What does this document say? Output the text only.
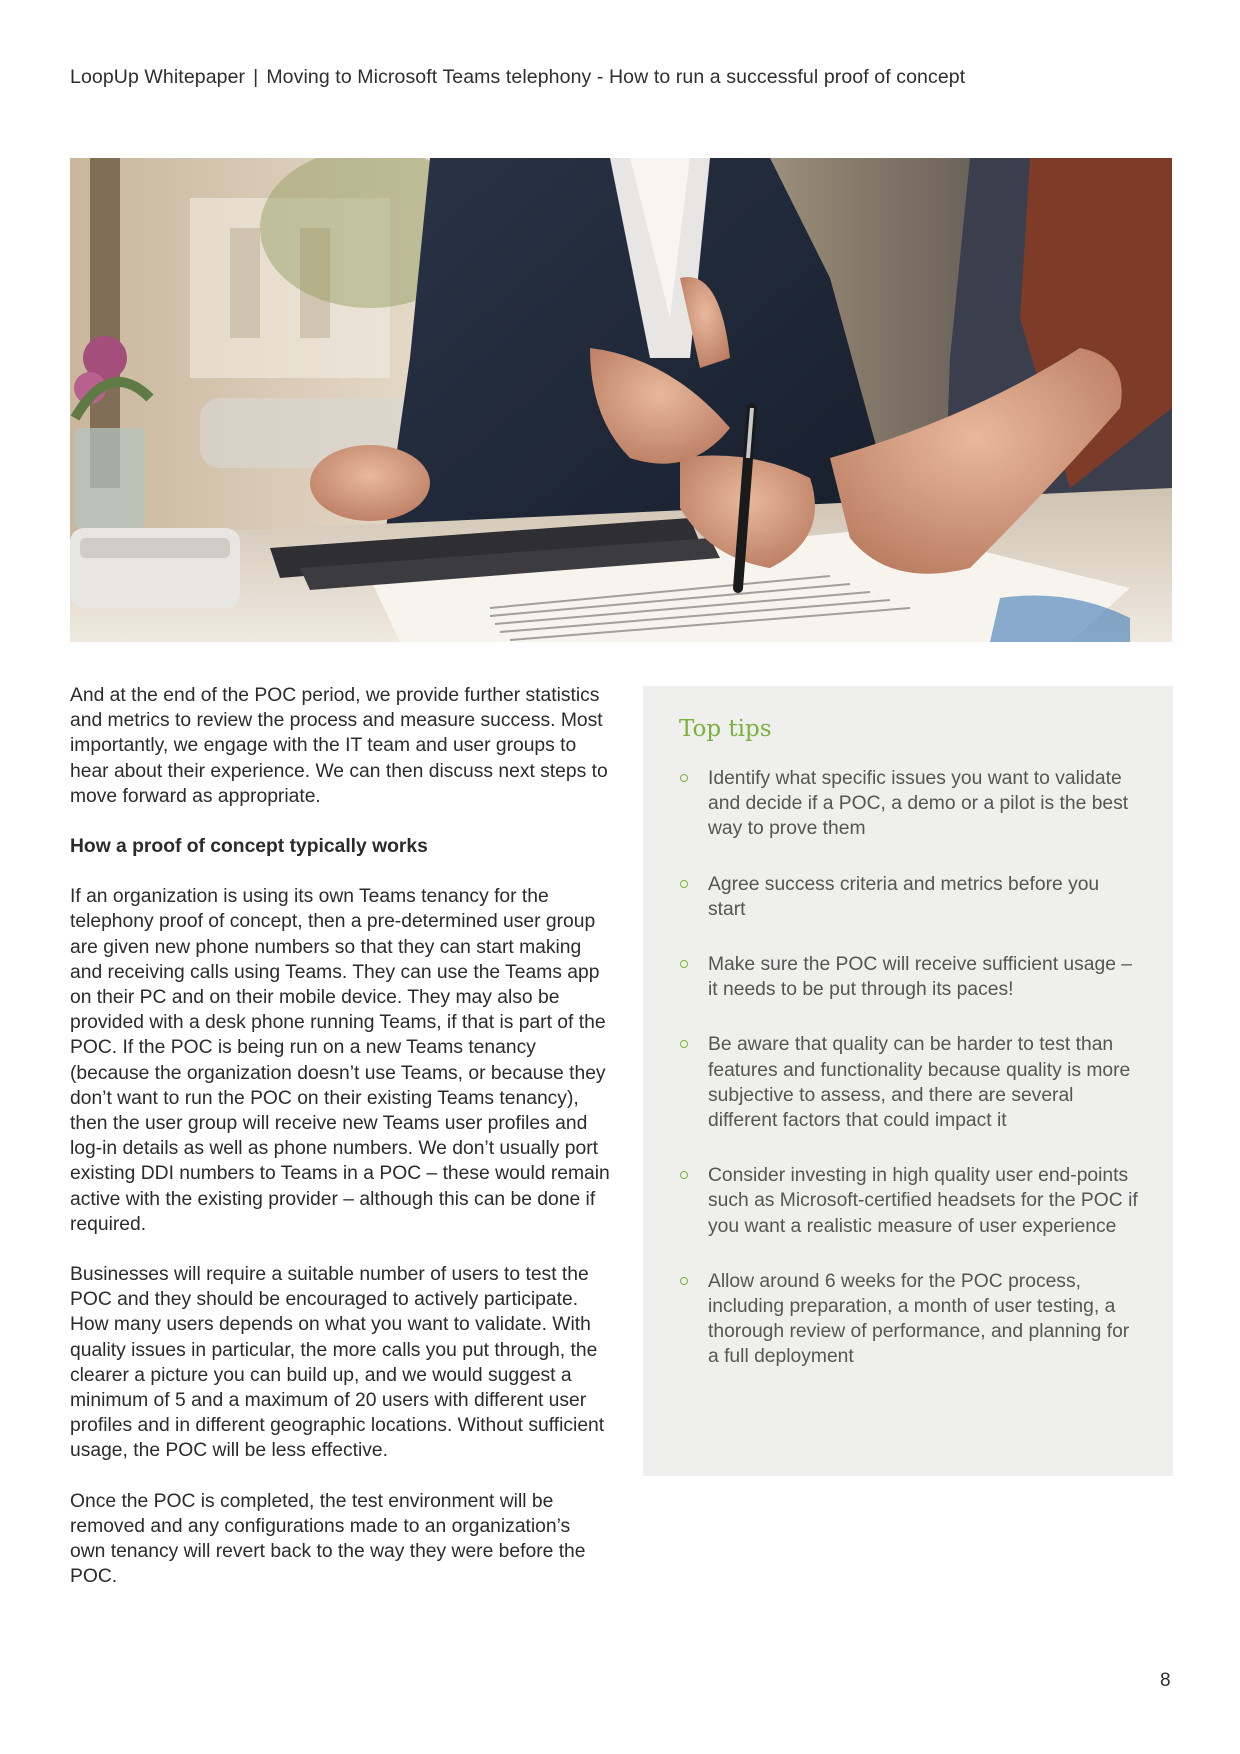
LoopUp Whitepaper | Moving to Microsoft Teams telephony - How to run a successful proof of concept

And at the end of the POC period, we provide further statistics and metrics to review the process and measure success. Most importantly, we engage with the IT team and user groups to hear about their experience. We can then discuss next steps to move forward as appropriate.

How a proof of concept typically works

If an organization is using its own Teams tenancy for the telephony proof of concept, then a pre-determined user group are given new phone numbers so that they can start making and receiving calls using Teams. They can use the Teams app on their PC and on their mobile device. They may also be provided with a desk phone running Teams, if that is part of the POC. If the POC is being run on a new Teams tenancy (because the organization doesn’t use Teams, or because they don’t want to run the POC on their existing Teams tenancy), then the user group will receive new Teams user profiles and log-in details as well as phone numbers. We don’t usually port existing DDI numbers to Teams in a POC – these would remain active with the existing provider – although this can be done if required.

Businesses will require a suitable number of users to test the POC and they should be encouraged to actively participate. How many users depends on what you want to validate. With quality issues in particular, the more calls you put through, the clearer a picture you can build up, and we would suggest a minimum of 5 and a maximum of 20 users with different user profiles and in different geographic locations. Without sufficient usage, the POC will be less effective.

Once the POC is completed, the test environment will be removed and any configurations made to an organization’s own tenancy will revert back to the way they were before the POC.

Top tips
Identify what specific issues you want to validate and decide if a POC, a demo or a pilot is the best way to prove them
Agree success criteria and metrics before you start
Make sure the POC will receive sufficient usage – it needs to be put through its paces!
Be aware that quality can be harder to test than features and functionality because quality is more subjective to assess, and there are several different factors that could impact it
Consider investing in high quality user end-points such as Microsoft-certified headsets for the POC if you want a realistic measure of user experience
Allow around 6 weeks for the POC process, including preparation, a month of user testing, a thorough review of performance, and planning for a full deployment
8
